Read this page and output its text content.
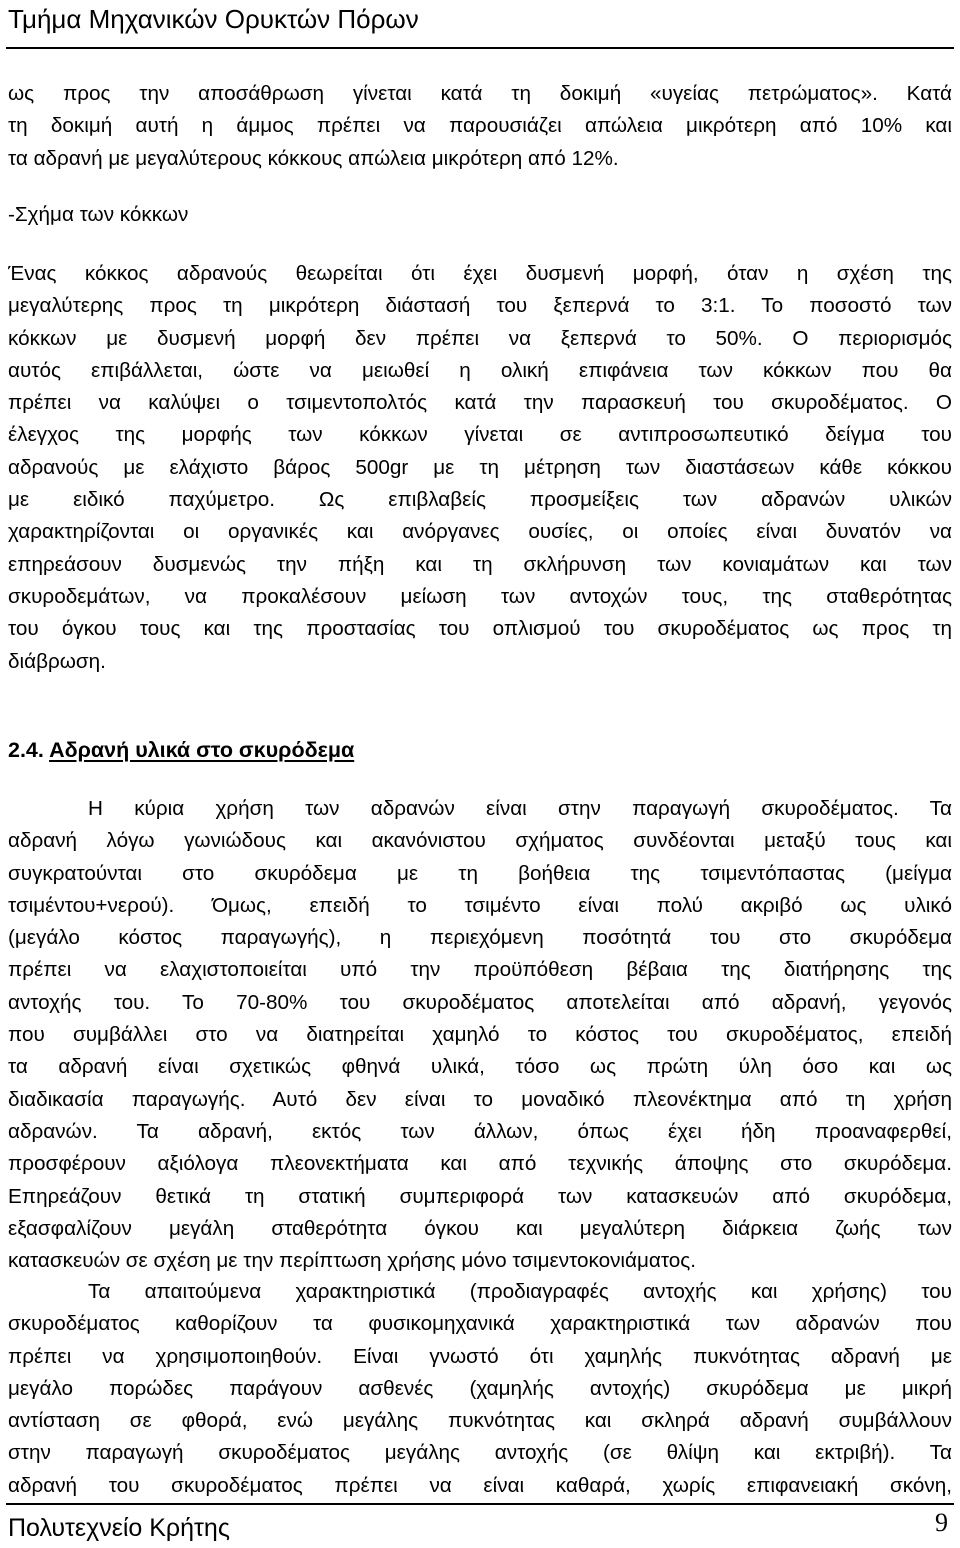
Τμήμα Μηχανικών Ορυκτών Πόρων
ως προς την αποσάθρωση γίνεται κατά τη δοκιμή «υγείας πετρώματος». Κατά
τη δοκιμή αυτή η άμμος πρέπει να παρουσιάζει απώλεια μικρότερη από 10% και
τα αδρανή με μεγαλύτερους κόκκους απώλεια μικρότερη από 12%.
-Σχήμα των κόκκων
Ένας κόκκος αδρανούς θεωρείται ότι έχει δυσμενή μορφή, όταν η σχέση της
μεγαλύτερης προς τη μικρότερη διάστασή του ξεπερνά το 3:1. Το ποσοστό των
κόκκων με δυσμενή μορφή δεν πρέπει να ξεπερνά το 50%. Ο περιορισμός
αυτός επιβάλλεται, ώστε να μειωθεί η ολική επιφάνεια των κόκκων που θα
πρέπει να καλύψει ο τσιμεντοπολτός κατά την παρασκευή του σκυροδέματος. Ο
έλεγχος της μορφής των κόκκων γίνεται σε αντιπροσωπευτικό δείγμα του
αδρανούς με ελάχιστο βάρος 500gr με τη μέτρηση των διαστάσεων κάθε κόκκου
με ειδικό παχύμετρο. Ως επιβλαβείς προσμείξεις των αδρανών υλικών
χαρακτηρίζονται οι οργανικές και ανόργανες ουσίες, οι οποίες είναι δυνατόν να
επηρεάσουν δυσμενώς την πήξη και τη σκλήρυνση των κονιαμάτων και των
σκυροδεμάτων, να προκαλέσουν μείωση των αντοχών τους, της σταθερότητας
του όγκου τους και της προστασίας του οπλισμού του σκυροδέματος ως προς τη
διάβρωση.
2.4. Αδρανή υλικά στο σκυρόδεμα
Η κύρια χρήση των αδρανών είναι στην παραγωγή σκυροδέματος. Τα
αδρανή λόγω γωνιώδους και ακανόνιστου σχήματος συνδέονται μεταξύ τους και
συγκρατούνται στο σκυρόδεμα με τη βοήθεια της τσιμεντόπαστας (μείγμα
τσιμέντου+νερού). Όμως, επειδή το τσιμέντο είναι πολύ ακριβό ως υλικό
(μεγάλο κόστος παραγωγής), η περιεχόμενη ποσότητά του στο σκυρόδεμα
πρέπει να ελαχιστοποιείται υπό την προϋπόθεση βέβαια της διατήρησης της
αντοχής του. Το 70-80% του σκυροδέματος αποτελείται από αδρανή, γεγονός
που συμβάλλει στο να διατηρείται χαμηλό το κόστος του σκυροδέματος, επειδή
τα αδρανή είναι σχετικώς φθηνά υλικά, τόσο ως πρώτη ύλη όσο και ως
διαδικασία παραγωγής. Αυτό δεν είναι το μοναδικό πλεονέκτημα από τη χρήση
αδρανών. Τα αδρανή, εκτός των άλλων, όπως έχει ήδη προαναφερθεί,
προσφέρουν αξιόλογα πλεονεκτήματα και από τεχνικής άποψης στο σκυρόδεμα.
Επηρεάζουν θετικά τη στατική συμπεριφορά των κατασκευών από σκυρόδεμα,
εξασφαλίζουν μεγάλη σταθερότητα όγκου και μεγαλύτερη διάρκεια ζωής των
κατασκευών σε σχέση με την περίπτωση χρήσης μόνο τσιμεντοκονιάματος.
Τα απαιτούμενα χαρακτηριστικά (προδιαγραφές αντοχής και χρήσης) του
σκυροδέματος καθορίζουν τα φυσικομηχανικά χαρακτηριστικά των αδρανών που
πρέπει να χρησιμοποιηθούν. Είναι γνωστό ότι χαμηλής πυκνότητας αδρανή με
μεγάλο πορώδες παράγουν ασθενές (χαμηλής αντοχής) σκυρόδεμα με μικρή
αντίσταση σε φθορά, ενώ μεγάλης πυκνότητας και σκληρά αδρανή συμβάλλουν
στην παραγωγή σκυροδέματος μεγάλης αντοχής (σε θλίψη και εκτριβή). Τα
αδρανή του σκυροδέματος πρέπει να είναι καθαρά, χωρίς επιφανειακή σκόνη,
Πολυτεχνείο Κρήτης	9
